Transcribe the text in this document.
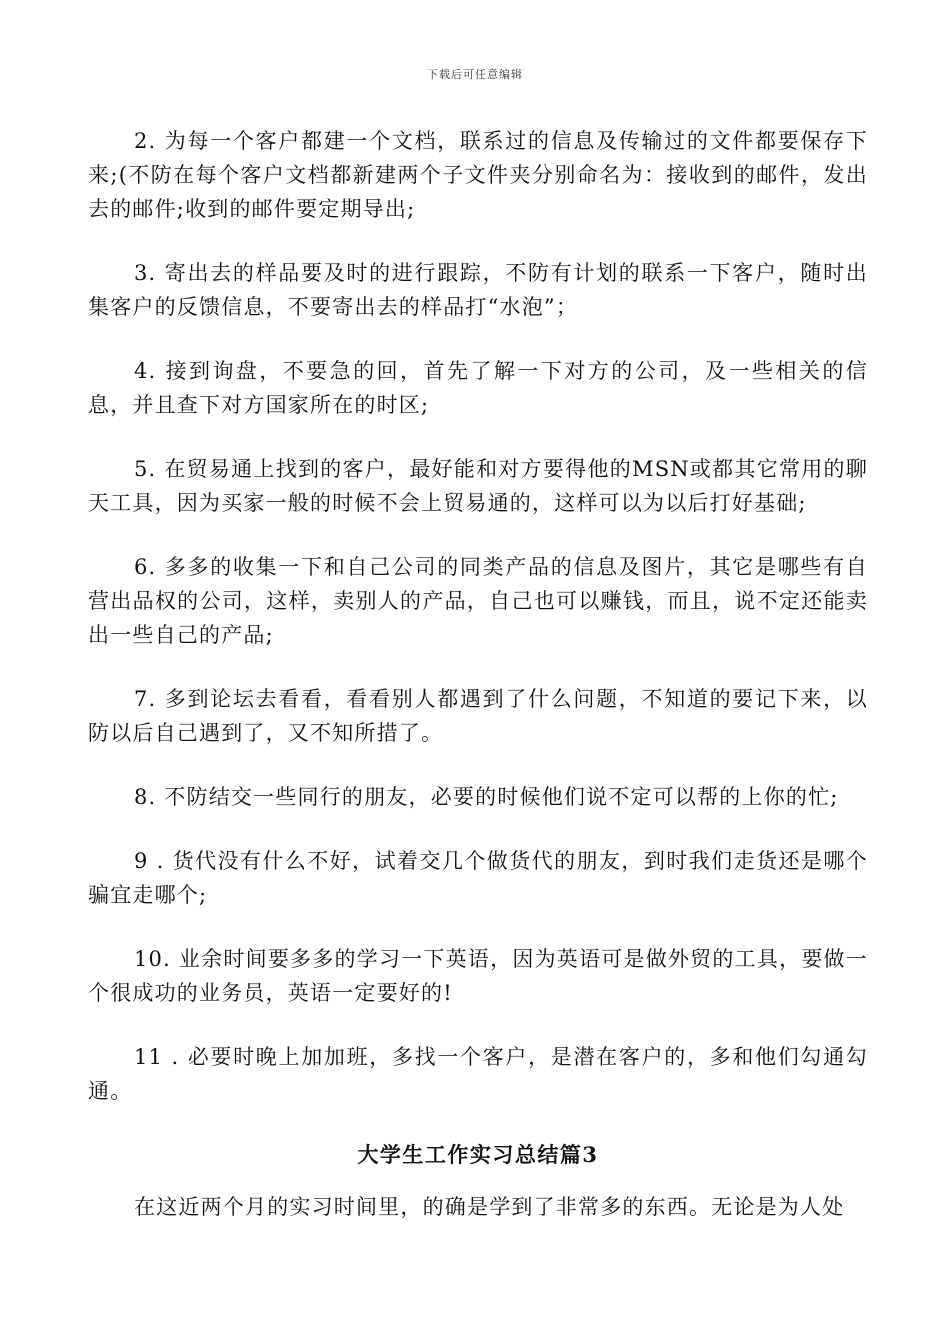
下载后可任意编辑

2. 为每一个客户都建一个文档，联系过的信息及传输过的文件都要保存下来;(不防在每个客户文档都新建两个子文件夹分别命名为：接收到的邮件，发出去的邮件;收到的邮件要定期导出;

3. 寄出去的样品要及时的进行跟踪，不防有计划的联系一下客户，随时出集客户的反馈信息，不要寄出去的样品打“水泡”；

4. 接到询盘，不要急的回，首先了解一下对方的公司，及一些相关的信息，并且查下对方国家所在的时区;

5. 在贸易通上找到的客户，最好能和对方要得他的MSN或都其它常用的聊天工具，因为买家一般的时候不会上贸易通的，这样可以为以后打好基础;

6. 多多的收集一下和自己公司的同类产品的信息及图片，其它是哪些有自营出品权的公司，这样，卖别人的产品，自己也可以赚钱，而且，说不定还能卖出一些自己的产品;

7. 多到论坛去看看，看看别人都遇到了什么问题，不知道的要记下来，以防以后自己遇到了，又不知所措了。

8. 不防结交一些同行的朋友，必要的时候他们说不定可以帮的上你的忙;

9 . 货代没有什么不好，试着交几个做货代的朋友，到时我们走货还是哪个骗宜走哪个;

10. 业余时间要多多的学习一下英语，因为英语可是做外贸的工具，要做一个很成功的业务员，英语一定要好的!

11 . 必要时晚上加加班，多找一个客户，是潜在客户的，多和他们勾通勾通。

大学生工作实习总结篇3

在这近两个月的实习时间里，的确是学到了非常多的东西。无论是为人处
